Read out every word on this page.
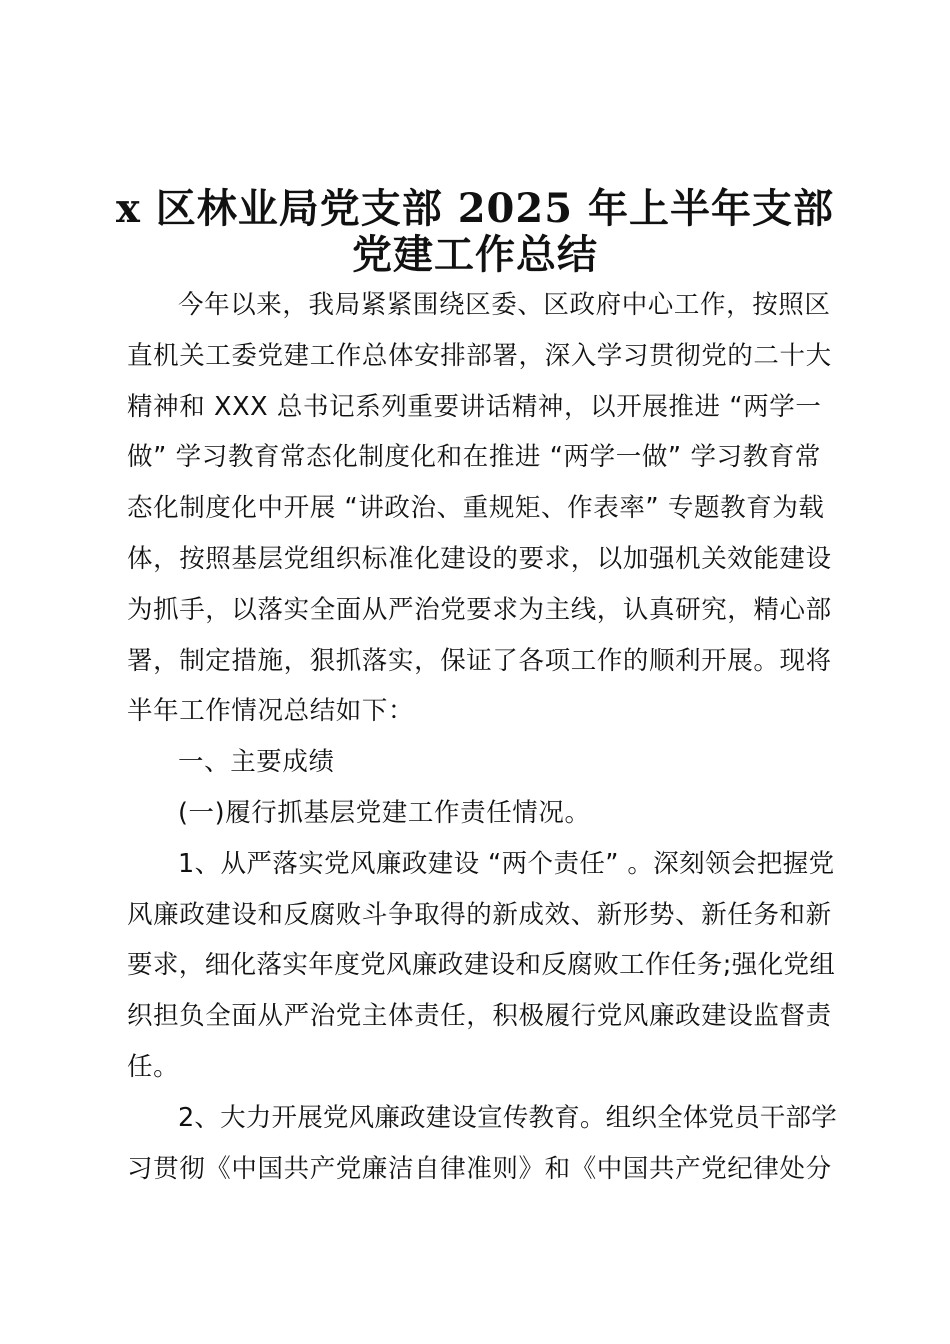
x 区林业局党支部 2025 年上半年支部
党建工作总结
今年以来，我局紧紧围绕区委、区政府中心工作，按照区
直机关工委党建工作总体安排部署，深入学习贯彻党的二十大
精神和 XXX 总书记系列重要讲话精神，以开展推进 “两学一
做” 学习教育常态化制度化和在推进 “两学一做” 学习教育常
态化制度化中开展 “讲政治、重规矩、作表率” 专题教育为载
体，按照基层党组织标准化建设的要求，以加强机关效能建设
为抓手，以落实全面从严治党要求为主线，认真研究，精心部
署，制定措施，狠抓落实，保证了各项工作的顺利开展。现将
半年工作情况总结如下：
一、主要成绩
(一)履行抓基层党建工作责任情况。
1、从严落实党风廉政建设 “两个责任” 。深刻领会把握党
风廉政建设和反腐败斗争取得的新成效、新形势、新任务和新
要求，细化落实年度党风廉政建设和反腐败工作任务;强化党组
织担负全面从严治党主体责任，积极履行党风廉政建设监督责
任。
2、大力开展党风廉政建设宣传教育。组织全体党员干部学
习贯彻《中国共产党廉洁自律准则》和《中国共产党纪律处分
